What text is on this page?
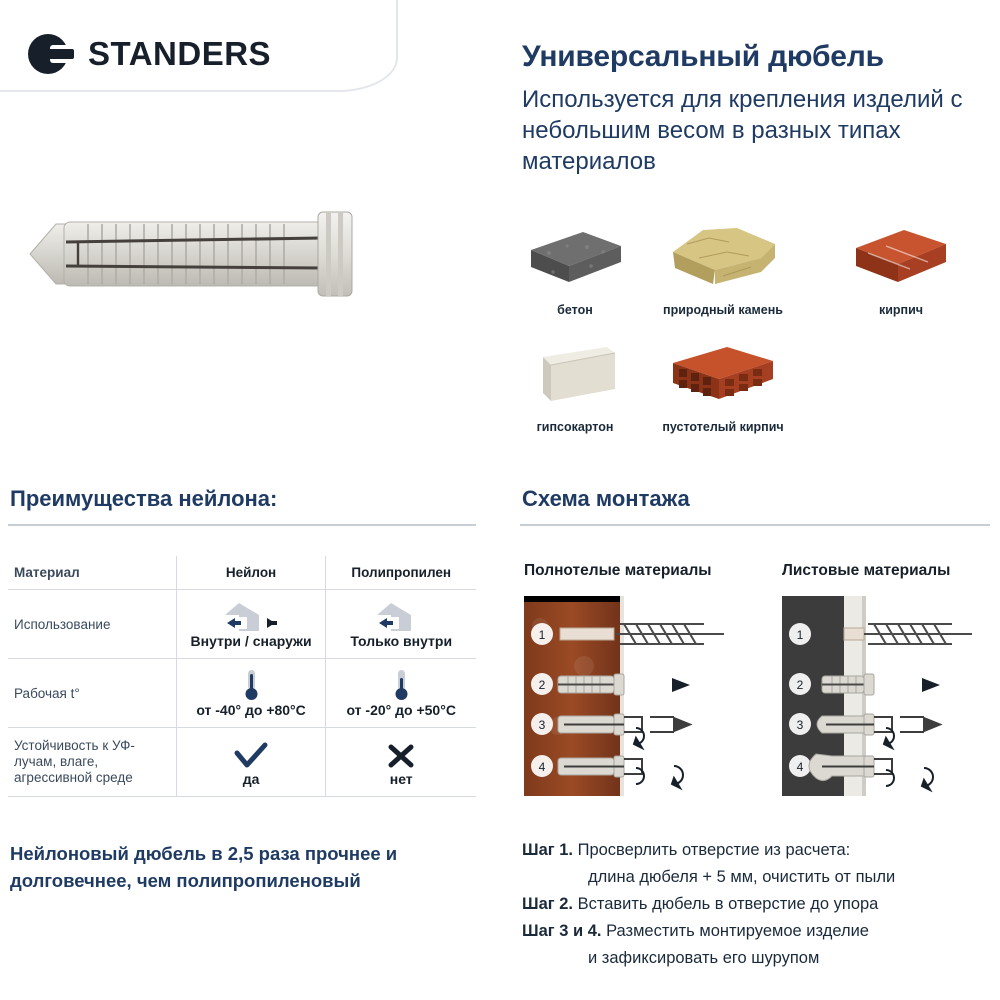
STANDERS	Универсальный дюбель
Используется для крепления изделий с небольшим весом в разных типах материалов
бетон	природный камень	кирпич
гипсокартон	пустотелый кирпич
Преимущества нейлона:	Схема монтажа
Материал	Нейлон	Полипропилен
Использование	Внутри / снаружи	Только внутри

Рабочая t°	от -40° до +80°С	от -20° до +50°С

Устойчивость к УФ-лучам, влаге, агрессивной среде	да	нет
Нейлоновый дюбель в 2,5 раза прочнее и долговечнее, чем полипропиленовый
Полнотелые материалы	Листовые материалы
1
2
3
4
1
2
3
4

Шаг 1. Просверлить отверстие из расчета:

длина дюбеля + 5 мм, очистить от пыли

Шаг 2. Вставить дюбель в отверстие до упора

Шаг 3 и 4. Разместить монтируемое изделие

и зафиксировать его шурупом
